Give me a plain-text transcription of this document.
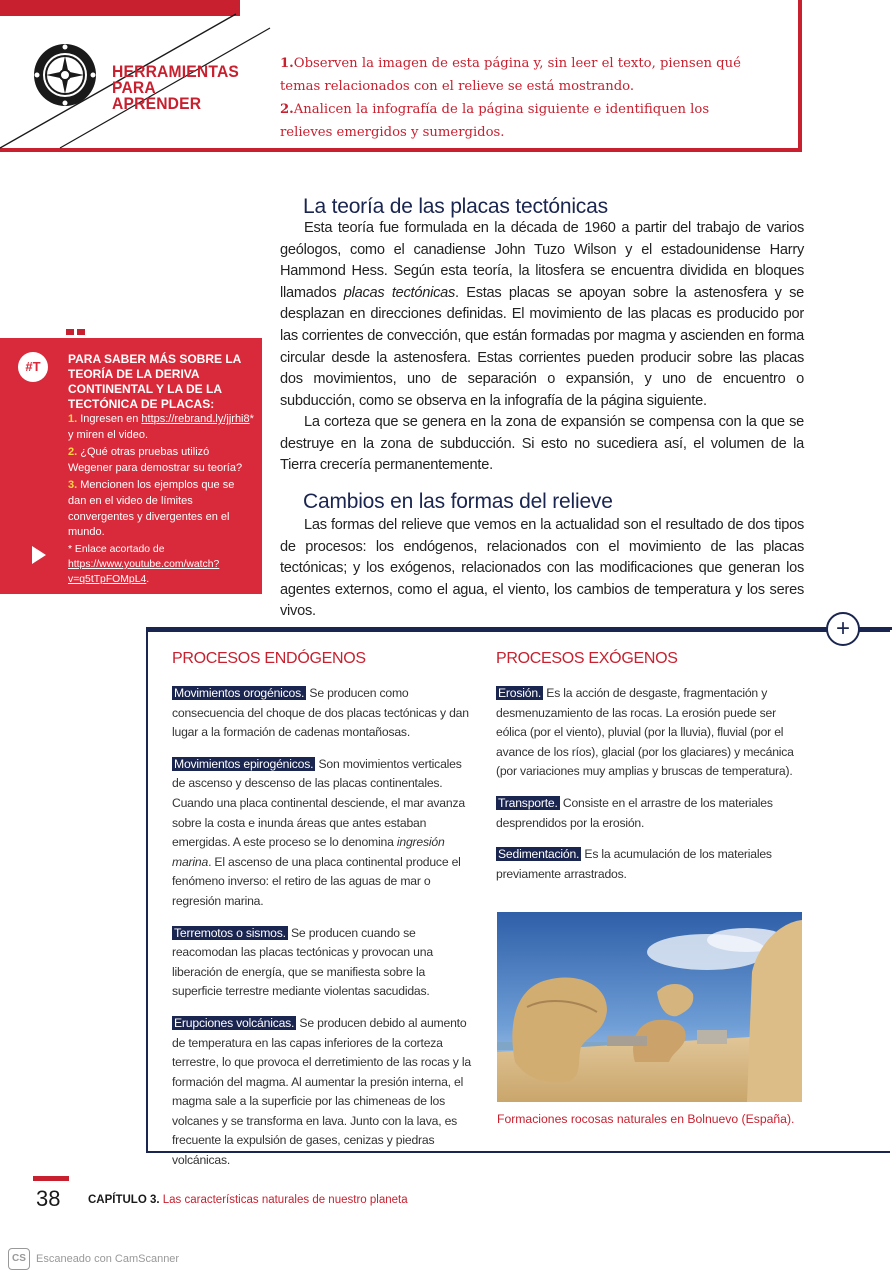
HERRAMIENTAS
PARA
APRENDER
1.Observen la imagen de esta página y, sin leer el texto, piensen qué
temas relacionados con el relieve se está mostrando.
2.Analicen la infografía de la página siguiente e identifiquen los
relieves emergidos y sumergidos.
La teoría de las placas tectónicas
Esta teoría fue formulada en la década de 1960 a partir del trabajo de varios geólogos, como el canadiense John Tuzo Wilson y el estadounidense Harry Hammond Hess. Según esta teoría, la litosfera se encuentra dividida en bloques llamados placas tectónicas. Estas placas se apoyan sobre la astenosfera y se desplazan en direcciones definidas. El movimiento de las placas es producido por las corrientes de convección, que están formadas por magma y ascienden en forma circular desde la astenosfera. Estas corrientes pueden producir sobre las placas dos movimientos, uno de separación o expansión, y uno de encuentro o subducción, como se observa en la infografía de la página siguiente.
La corteza que se genera en la zona de expansión se compensa con la que se destruye en la zona de subducción. Si esto no sucediera así, el volumen de la Tierra crecería permanentemente.
Cambios en las formas del relieve
Las formas del relieve que vemos en la actualidad son el resultado de dos tipos de procesos: los endógenos, relacionados con el movimiento de las placas tectónicas; y los exógenos, relacionados con las modificaciones que generan los agentes externos, como el agua, el viento, los cambios de temperatura y los seres vivos.
#T	PARA SABER MÁS SOBRE LA TEORÍA DE LA DERIVA CONTINENTAL Y LA DE LA TECTÓNICA DE PLACAS:

1. Ingresen en https://rebrand.ly/jjrhi8* y miren el video.

2. ¿Qué otras pruebas utilizó Wegener para demostrar su teoría?

3. Mencionen los ejemplos que se dan en el video de límites convergentes y divergentes en el mundo.

* Enlace acortado de https://www.youtube.com/watch?v=q5tTpFOMpL4.
+
PROCESOS ENDÓGENOS	PROCESOS EXÓGENOS

Movimientos orogénicos. Se producen como consecuencia del choque de dos placas tectónicas y dan lugar a la formación de cadenas montañosas.

Movimientos epirogénicos. Son movimientos verticales de ascenso y descenso de las placas continentales. Cuando una placa continental desciende, el mar avanza sobre la costa e inunda áreas que antes estaban emergidas. A este proceso se lo denomina ingresión marina. El ascenso de una placa continental produce el fenómeno inverso: el retiro de las aguas de mar o regresión marina.

Terremotos o sismos. Se producen cuando se reacomodan las placas tectónicas y provocan una liberación de energía, que se manifiesta sobre la superficie terrestre mediante violentas sacudidas.

Erupciones volcánicas. Se producen debido al aumento de temperatura en las capas inferiores de la corteza terrestre, lo que provoca el derretimiento de las rocas y la formación del magma. Al aumentar la presión interna, el magma sale a la superficie por las chimeneas de los volcanes y se transforma en lava. Junto con la lava, es frecuente la expulsión de gases, cenizas y piedras volcánicas.

Erosión. Es la acción de desgaste, fragmentación y desmenuzamiento de las rocas. La erosión puede ser eólica (por el viento), pluvial (por la lluvia), fluvial (por el avance de los ríos), glacial (por los glaciares) y mecánica (por variaciones muy amplias y bruscas de temperatura).

Transporte. Consiste en el arrastre de los materiales desprendidos por la erosión.

Sedimentación. Es la acumulación de los materiales previamente arrastrados.

Formaciones rocosas naturales en Bolnuevo (España).
38 CAPÍTULO 3. Las características naturales de nuestro planeta
CS Escaneado con CamScanner
